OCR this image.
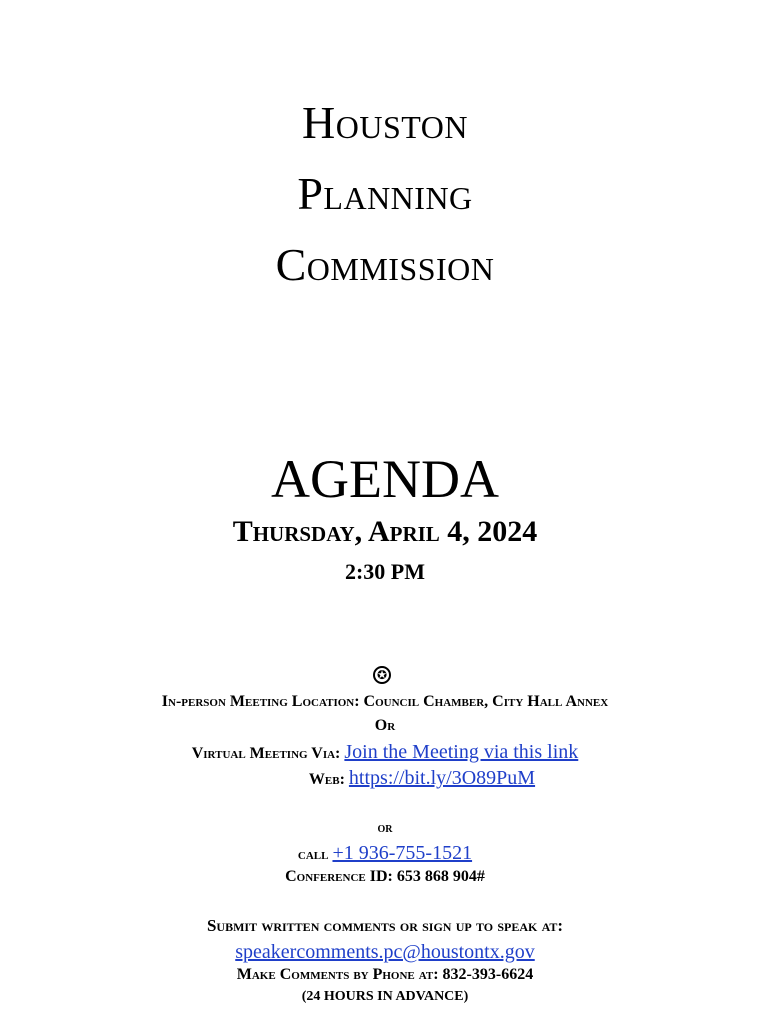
Houston
Planning
Commission
AGENDA
Thursday, April 4, 2024
2:30 PM
✪
In-person Meeting Location: Council Chamber, City Hall Annex
Or
Virtual Meeting Via: Join the Meeting via this link
Web: https://bit.ly/3O89PuM
or
call +1 936-755-1521
Conference ID: 653 868 904#
Submit written comments or sign up to speak at:
speakercomments.pc@houstontx.gov
Make Comments by Phone at: 832-393-6624
(24 HOURS IN ADVANCE)
